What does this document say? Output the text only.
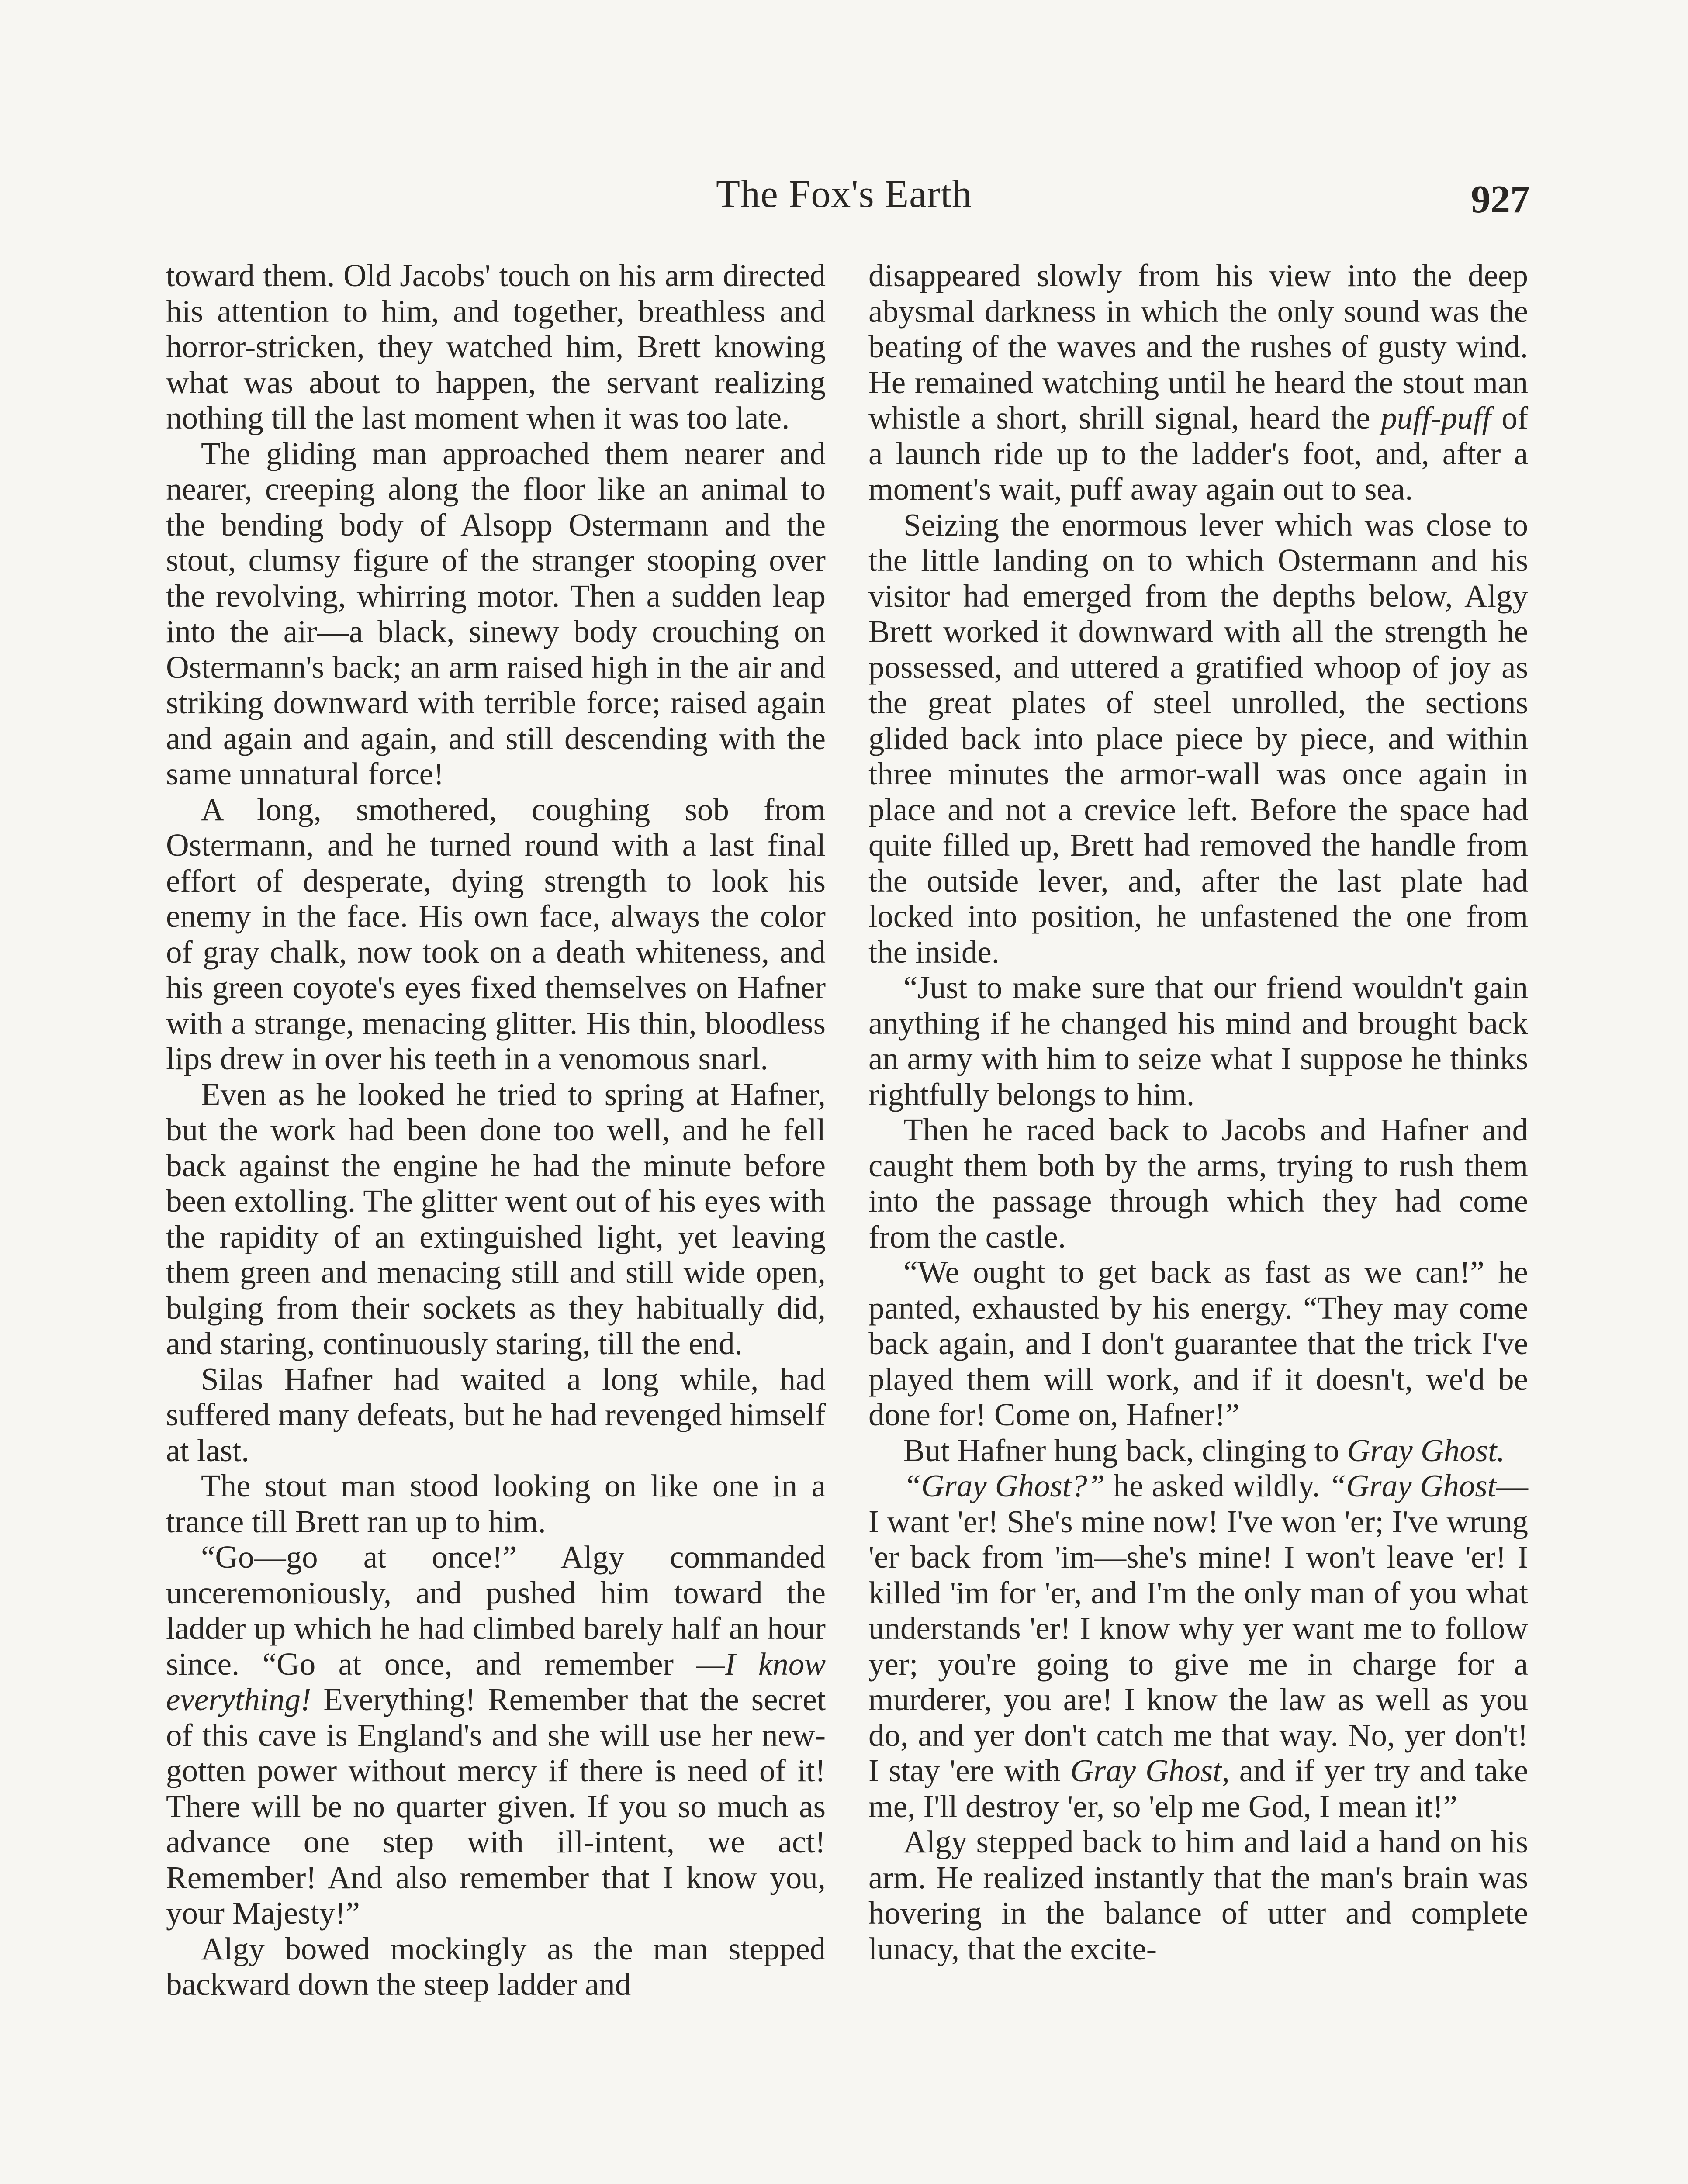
The Fox's Earth	927

toward them. Old Jacobs' touch on his arm directed his attention to him, and together, breathless and horror-stricken, they watched him, Brett knowing what was about to happen, the servant realizing nothing till the last moment when it was too late.

The gliding man approached them nearer and nearer, creeping along the floor like an animal to the bending body of Alsopp Ostermann and the stout, clumsy figure of the stranger stooping over the revolving, whirring motor. Then a sudden leap into the air—a black, sinewy body crouching on Ostermann's back; an arm raised high in the air and striking downward with terrible force; raised again and again and again, and still descending with the same unnatural force!

A long, smothered, coughing sob from Ostermann, and he turned round with a last final effort of desperate, dying strength to look his enemy in the face. His own face, always the color of gray chalk, now took on a death whiteness, and his green coyote's eyes fixed themselves on Hafner with a strange, menacing glitter. His thin, bloodless lips drew in over his teeth in a venomous snarl.

Even as he looked he tried to spring at Hafner, but the work had been done too well, and he fell back against the engine he had the minute before been extolling. The glitter went out of his eyes with the rapidity of an extinguished light, yet leaving them green and menacing still and still wide open, bulging from their sockets as they habitually did, and staring, continuously staring, till the end.

Silas Hafner had waited a long while, had suffered many defeats, but he had revenged himself at last.

The stout man stood looking on like one in a trance till Brett ran up to him.

“Go—go at once!” Algy commanded unceremoniously, and pushed him toward the ladder up which he had climbed barely half an hour since. “Go at once, and remember —I know everything! Everything! Remember that the secret of this cave is England's and she will use her new-gotten power without mercy if there is need of it! There will be no quarter given. If you so much as advance one step with ill-intent, we act! Remember! And also remember that I know you, your Majesty!”

Algy bowed mockingly as the man stepped backward down the steep ladder and

disappeared slowly from his view into the deep abysmal darkness in which the only sound was the beating of the waves and the rushes of gusty wind. He remained watching until he heard the stout man whistle a short, shrill signal, heard the puff-puff of a launch ride up to the ladder's foot, and, after a moment's wait, puff away again out to sea.

Seizing the enormous lever which was close to the little landing on to which Ostermann and his visitor had emerged from the depths below, Algy Brett worked it downward with all the strength he possessed, and uttered a gratified whoop of joy as the great plates of steel unrolled, the sections glided back into place piece by piece, and within three minutes the armor-wall was once again in place and not a crevice left. Before the space had quite filled up, Brett had removed the handle from the outside lever, and, after the last plate had locked into position, he unfastened the one from the inside.

“Just to make sure that our friend wouldn't gain anything if he changed his mind and brought back an army with him to seize what I suppose he thinks rightfully belongs to him.

Then he raced back to Jacobs and Hafner and caught them both by the arms, trying to rush them into the passage through which they had come from the castle.

“We ought to get back as fast as we can!” he panted, exhausted by his energy. “They may come back again, and I don't guarantee that the trick I've played them will work, and if it doesn't, we'd be done for! Come on, Hafner!”

But Hafner hung back, clinging to Gray Ghost.

“Gray Ghost?” he asked wildly. “Gray Ghost—I want 'er! She's mine now! I've won 'er; I've wrung 'er back from 'im—she's mine! I won't leave 'er! I killed 'im for 'er, and I'm the only man of you what understands 'er! I know why yer want me to follow yer; you're going to give me in charge for a murderer, you are! I know the law as well as you do, and yer don't catch me that way. No, yer don't! I stay 'ere with Gray Ghost, and if yer try and take me, I'll destroy 'er, so 'elp me God, I mean it!”

Algy stepped back to him and laid a hand on his arm. He realized instantly that the man's brain was hovering in the balance of utter and complete lunacy, that the excite-
